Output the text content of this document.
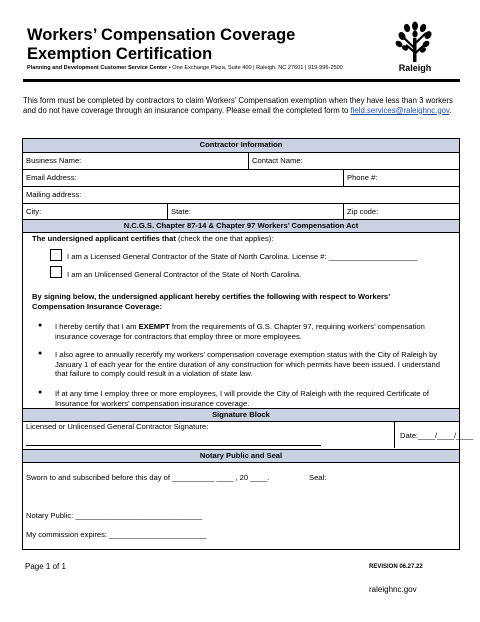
Workers’ Compensation Coverage Exemption Certification
Planning and Development Customer Service Center • One Exchange Plaza, Suite 400 | Raleigh, NC 27601 | 919-996-2500	Raleigh
This form must be completed by contractors to claim Workers’ Compensation exemption when they have less than 3 workers and do not have coverage through an insurance company. Please email the completed form to field.services@raleighnc.gov.
Contractor Information
Business Name:	Contact Name:
Email Address:	Phone #:
Mailing address:
City:	State:	Zip code:
N.C.G.S. Chapter 87-14 & Chapter 97 Workers’ Compensation Act
The undersigned applicant certifies that (check the one that applies):
I am a Licensed General Contractor of the State of North Carolina. License #: _____________________
I am an Unlicensed General Contractor of the State of North Carolina.
By signing below, the undersigned applicant hereby certifies the following with respect to Workers’ Compensation Insurance Coverage:
● I hereby certify that I am EXEMPT from the requirements of G.S. Chapter 97, requiring workers’ compensation insurance coverage for contractors that employ three or more employees.
● I also agree to annually recertify my workers’ compensation coverage exemption status with the City of Raleigh by January 1 of each year for the entire duration of any construction for which permits have been issued. I understand that failure to comply could result in a violation of state law.
● If at any time I employ three or more employees, I will provide the City of Raleigh with the required Certificate of Insurance for workers’ compensation insurance coverage.
Signature Block
Licensed or Unlicensed General Contractor Signature:
Date:____/____/____
Notary Public and Seal
Sworn to and subscribed before this day of __________ ____ , 20 ____.	Seal:
Notary Public: ______________________________
My commission expires: _______________________
Page 1 of 1	REVISION 06.27.22
raleighnc.gov
